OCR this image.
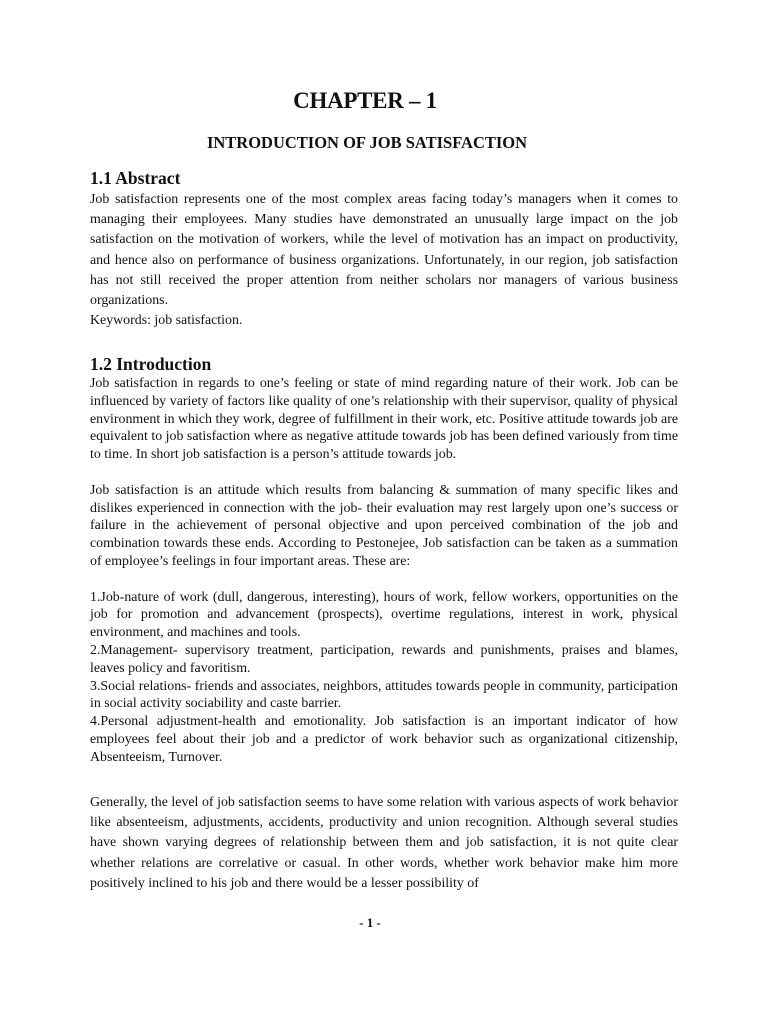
CHAPTER – 1
INTRODUCTION OF JOB SATISFACTION
1.1 Abstract

Job satisfaction represents one of the most complex areas facing today’s managers when it comes to managing their employees. Many studies have demonstrated an unusually large impact on the job satisfaction on the motivation of workers, while the level of motivation has an impact on productivity, and hence also on performance of business organizations. Unfortunately, in our region, job satisfaction has not still received the proper attention from neither scholars nor managers of various business organizations.

Keywords: job satisfaction.

1.2 Introduction

Job satisfaction in regards to one’s feeling or state of mind regarding nature of their work. Job can be influenced by variety of factors like quality of one’s relationship with their supervisor, quality of physical environment in which they work, degree of fulfillment in their work, etc. Positive attitude towards job are equivalent to job satisfaction where as negative attitude towards job has been defined variously from time to time. In short job satisfaction is a person’s attitude towards job.

Job satisfaction is an attitude which results from balancing & summation of many specific likes and dislikes experienced in connection with the job- their evaluation may rest largely upon one’s success or failure in the achievement of personal objective and upon perceived combination of the job and combination towards these ends. According to Pestonejee, Job satisfaction can be taken as a summation of employee’s feelings in four important areas. These are:

1.Job-nature of work (dull, dangerous, interesting), hours of work, fellow workers, opportunities on the job for promotion and advancement (prospects), overtime regulations, interest in work, physical environment, and machines and tools.

2.Management- supervisory treatment, participation, rewards and punishments, praises and blames, leaves policy and favoritism.

3.Social relations- friends and associates, neighbors, attitudes towards people in community, participation in social activity sociability and caste barrier.

4.Personal adjustment-health and emotionality. Job satisfaction is an important indicator of how employees feel about their job and a predictor of work behavior such as organizational citizenship, Absenteeism, Turnover.

Generally, the level of job satisfaction seems to have some relation with various aspects of work behavior like absenteeism, adjustments, accidents, productivity and union recognition. Although several studies have shown varying degrees of relationship between them and job satisfaction, it is not quite clear whether relations are correlative or casual. In other words, whether work behavior make him more positively inclined to his job and there would be a lesser possibility of

- 1 -
